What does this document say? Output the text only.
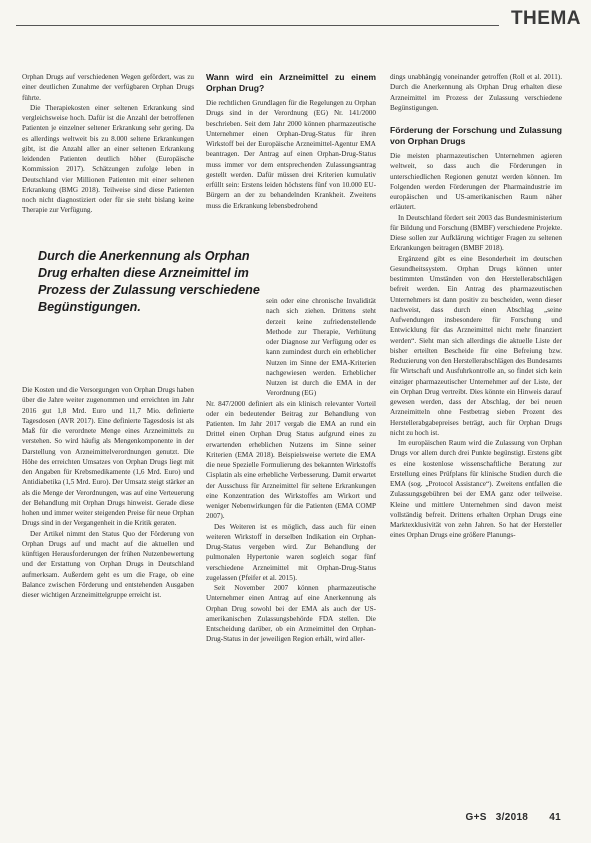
THEMA

Orphan Drugs auf verschiedenen Wegen gefördert, was zu einer deutlichen Zunahme der verfügbaren Orphan Drugs führte.

Die Therapiekosten einer seltenen Erkrankung sind vergleichsweise hoch. Dafür ist die Anzahl der betroffenen Patienten je einzelner seltener Erkrankung sehr gering. Da es allerdings weltweit bis zu 8.000 seltene Erkrankungen gibt, ist die Anzahl aller an einer seltenen Erkrankung leidenden Patienten deutlich höher (Europäische Kommission 2017). Schätzungen zufolge leben in Deutschland vier Millionen Patienten mit einer seltenen Erkrankung (BMG 2018). Teilweise sind diese Patienten noch nicht diagnostiziert oder für sie steht bislang keine Therapie zur Verfügung.

Durch die Anerkennung als Orphan Drug erhalten diese Arzneimittel im Prozess der Zulassung verschiedene Begünstigungen.

Die Kosten und die Versorgungen von Orphan Drugs haben über die Jahre weiter zugenommen und erreichten im Jahr 2016 gut 1,8 Mrd. Euro und 11,7 Mio. definierte Tagesdosen (AVR 2017). Eine definierte Tagesdosis ist als Maß für die verordnete Menge eines Arzneimittels zu verstehen. So wird häufig als Mengenkomponente in der Darstellung von Arzneimittelverordnungen genutzt. Die Höhe des erreichten Umsatzes von Orphan Drugs liegt mit den Angaben für Krebsmedikamente (1,6 Mrd. Euro) und Antidiabetika (1,5 Mrd. Euro). Der Umsatz steigt stärker an als die Menge der Verordnungen, was auf eine Verteuerung der Behandlung mit Orphan Drugs hinweist. Gerade diese hohen und immer weiter steigenden Preise für neue Orphan Drugs sind in der Vergangenheit in die Kritik geraten.

Der Artikel nimmt den Status Quo der Förderung von Orphan Drugs auf und macht auf die aktuellen und künftigen Herausforderungen der frühen Nutzenbewertung und der Erstattung von Orphan Drugs in Deutschland aufmerksam. Außerdem geht es um die Frage, ob eine Balance zwischen Förderung und entstehenden Ausgaben dieser wichtigen Arzneimittelgruppe erreicht ist.

Wann wird ein Arzneimittel zu einem Orphan Drug?

Die rechtlichen Grundlagen für die Regelungen zu Orphan Drugs sind in der Verordnung (EG) Nr. 141/2000 beschrieben. Seit dem Jahr 2000 können pharmazeutische Unternehmer einen Orphan-Drug-Status für ihren Wirkstoff bei der Europäische Arzneimittel-Agentur EMA beantragen. Der Antrag auf einen Orphan-Drug-Status muss immer vor dem entsprechenden Zulassungsantrag gestellt werden. Dafür müssen drei Kriterien kumulativ erfüllt sein: Erstens leiden höchstens fünf von 10.000 EU-Bürgern an der zu behandelnden Krankheit. Zweitens muss die Erkrankung lebensbedrohend

sein oder eine chronische Invalidität nach sich ziehen. Drittens steht derzeit keine zufriedenstellende Methode zur Therapie, Verhütung oder Diagnose zur Verfügung oder es kann zumindest durch ein erheblicher Nutzen im Sinne der EMA-Kriterien nachgewiesen werden. Erheblicher Nutzen ist durch die EMA in der Verordnung (EG)

Nr. 847/2000 definiert als ein klinisch relevanter Vorteil oder ein bedeutender Beitrag zur Behandlung von Patienten. Im Jahr 2017 vergab die EMA an rund ein Drittel einen Orphan Drug Status aufgrund eines zu erwartenden erheblichen Nutzens im Sinne seiner Kriterien (EMA 2018). Beispielsweise wertete die EMA die neue Spezielle Formulierung des bekannten Wirkstoffs Cisplatin als eine erhebliche Verbesserung. Damit erwartet der Ausschuss für Arzneimittel für seltene Erkrankungen eine Konzentration des Wirkstoffes am Wirkort und weniger Nebenwirkungen für die Patienten (EMA COMP 2007).

Des Weiteren ist es möglich, dass auch für einen weiteren Wirkstoff in derselben Indikation ein Orphan-Drug-Status vergeben wird. Zur Behandlung der pulmonalen Hypertonie waren sogleich sogar fünf verschiedene Arzneimittel mit Orphan-Drug-Status zugelassen (Pfeifer et al. 2015).

Seit November 2007 können pharmazeutische Unternehmer einen Antrag auf eine Anerkennung als Orphan Drug sowohl bei der EMA als auch der US-amerikanischen Zulassungsbehörde FDA stellen. Die Entscheidung darüber, ob ein Arzneimittel den Orphan-Drug-Status in der jeweiligen Region erhält, wird aller-

dings unabhängig voneinander getroffen (Roll et al. 2011). Durch die Anerkennung als Orphan Drug erhalten diese Arzneimittel im Prozess der Zulassung verschiedene Begünstigungen.

Förderung der Forschung und Zulassung von Orphan Drugs

Die meisten pharmazeutischen Unternehmen agieren weltweit, so dass auch die Förderungen in unterschiedlichen Regionen genutzt werden können. Im Folgenden werden Förderungen der Pharmaindustrie im europäischen und US-amerikanischen Raum näher erläutert.

In Deutschland fördert seit 2003 das Bundesministerium für Bildung und Forschung (BMBF) verschiedene Projekte. Diese sollen zur Aufklärung wichtiger Fragen zu seltenen Erkrankungen beitragen (BMBF 2018).

Ergänzend gibt es eine Besonderheit im deutschen Gesundheitssystem. Orphan Drugs können unter bestimmten Umständen von den Herstellerabschlägen befreit werden. Ein Antrag des pharmazeutischen Unternehmers ist dann positiv zu bescheiden, wenn dieser nachweist, dass durch einen Abschlag „seine Aufwendungen insbesondere für Forschung und Entwicklung für das Arzneimittel nicht mehr finanziert werden“. Sieht man sich allerdings die aktuelle Liste der bisher erteilten Bescheide für eine Befreiung bzw. Reduzierung von den Herstellerabschlägen des Bundesamts für Wirtschaft und Ausfuhrkontrolle an, so findet sich kein einziger pharmazeutischer Unternehmer auf der Liste, der ein Orphan Drug vertreibt. Dies könnte ein Hinweis darauf gewesen werden, dass der Abschlag, der bei neuen Arzneimitteln ohne Festbetrag sieben Prozent des Herstellerabgabepreises beträgt, auch für Orphan Drugs nicht zu hoch ist.

Im europäischen Raum wird die Zulassung von Orphan Drugs vor allem durch drei Punkte begünstigt. Erstens gibt es eine kostenlose wissenschaftliche Beratung zur Erstellung eines Prüfplans für klinische Studien durch die EMA (sog. „Protocol Assistance“). Zweitens entfallen die Zulassungsgebühren bei der EMA ganz oder teilweise. Kleine und mittlere Unternehmen sind davon meist vollständig befreit. Drittens erhalten Orphan Drugs eine Marktexklusivität von zehn Jahren. So hat der Hersteller eines Orphan Drugs eine größere Planungs-

G+S 3/2018 41
